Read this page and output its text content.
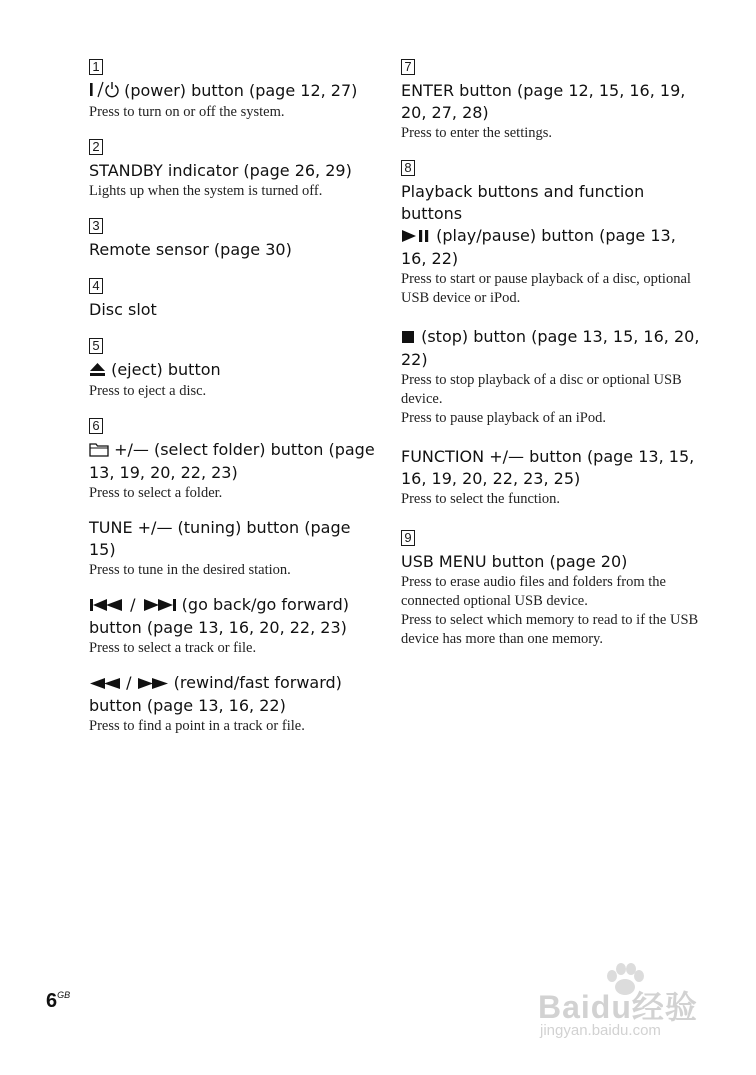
1
(power) button (page 12, 27)
Press to turn on or off the system.
2
STANDBY indicator (page 26, 29)
Lights up when the system is turned off.
3
Remote sensor (page 30)
4
Disc slot
5
(eject) button
Press to eject a disc.
6
+/— (select folder) button (page 13, 19, 20, 22, 23)
Press to select a folder.
TUNE +/— (tuning) button (page 15)
Press to tune in the desired station.
/	(go back/go forward) button (page 13, 16, 20, 22, 23)
Press to select a track or file.
/	(rewind/fast forward) button (page 13, 16, 22)
Press to find a point in a track or file.
7
ENTER button (page 12, 15, 16, 19, 20, 27, 28)
Press to enter the settings.
8
Playback buttons and function buttons
(play/pause) button (page 13, 16, 22)
Press to start or pause playback of a disc, optional USB device or iPod.
(stop) button (page 13, 15, 16, 20, 22)
Press to stop playback of a disc or optional USB device.
Press to pause playback of an iPod.
FUNCTION +/— button (page 13, 15, 16, 19, 20, 22, 23, 25)
Press to select the function.
9
USB MENU button (page 20)
Press to erase audio files and folders from the connected optional USB device.
Press to select which memory to read to if the USB device has more than one memory.
$6^{GB}$	Baidu经验
jingyan.baidu.com
